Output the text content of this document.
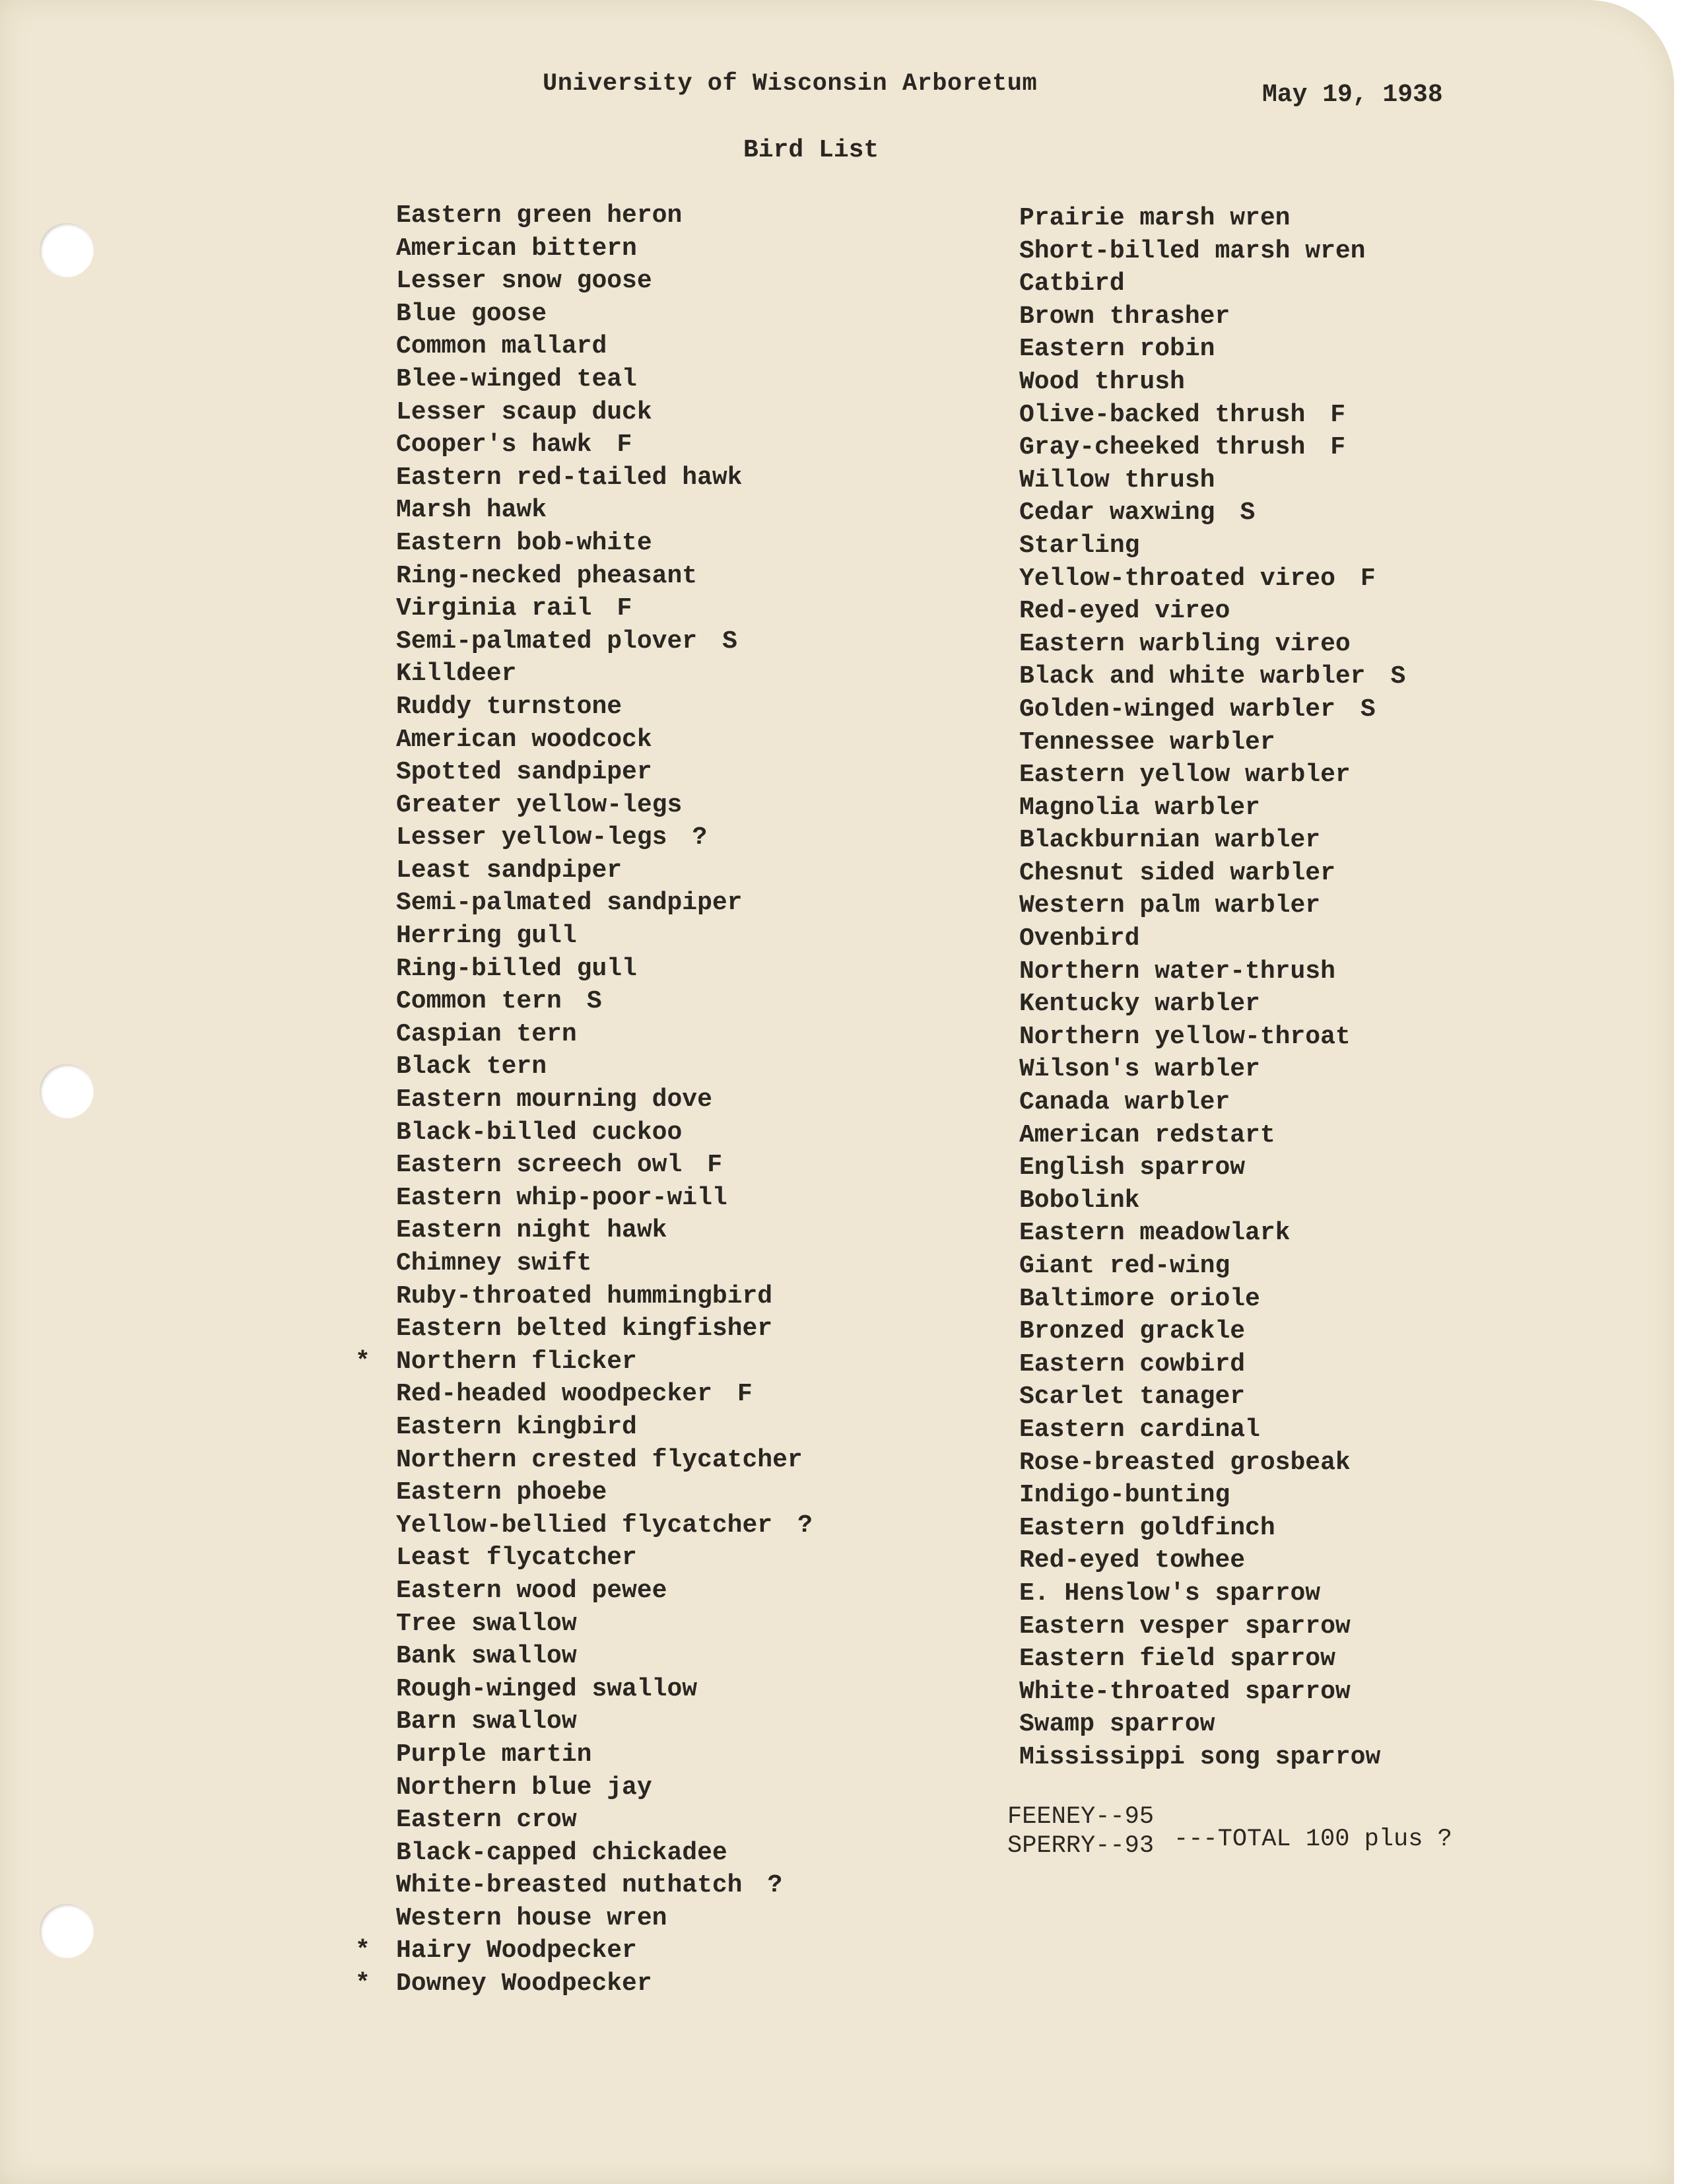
University of Wisconsin Arboretum	May 19, 1938
Bird List
Eastern green heron
American bittern
Lesser snow goose
Blue goose
Common mallard
Blee-winged teal
Lesser scaup duck
Cooper's hawk F
Eastern red-tailed hawk
Marsh hawk
Eastern bob-white
Ring-necked pheasant
Virginia rail F
Semi-palmated plover S
Killdeer
Ruddy turnstone
American woodcock
Spotted sandpiper
Greater yellow-legs
Lesser yellow-legs ?
Least sandpiper
Semi-palmated sandpiper
Herring gull
Ring-billed gull
Common tern S
Caspian tern
Black tern
Eastern mourning dove
Black-billed cuckoo
Eastern screech owl F
Eastern whip-poor-will
Eastern night hawk
Chimney swift
Ruby-throated hummingbird
Eastern belted kingfisher
* Northern flicker
Red-headed woodpecker F
Eastern kingbird
Northern crested flycatcher
Eastern phoebe
Yellow-bellied flycatcher ?
Least flycatcher
Eastern wood pewee
Tree swallow
Bank swallow
Rough-winged swallow
Barn swallow
Purple martin
Northern blue jay
Eastern crow
Black-capped chickadee
White-breasted nuthatch ?
Western house wren
* Hairy Woodpecker
* Downey Woodpecker
Prairie marsh wren
Short-billed marsh wren
Catbird
Brown thrasher
Eastern robin
Wood thrush
Olive-backed thrush F
Gray-cheeked thrush F
Willow thrush
Cedar waxwing S
Starling
Yellow-throated vireo F
Red-eyed vireo
Eastern warbling vireo
Black and white warbler S
Golden-winged warbler S
Tennessee warbler
Eastern yellow warbler
Magnolia warbler
Blackburnian warbler
Chesnut sided warbler
Western palm warbler
Ovenbird
Northern water-thrush
Kentucky warbler
Northern yellow-throat
Wilson's warbler
Canada warbler
American redstart
English sparrow
Bobolink
Eastern meadowlark
Giant red-wing
Baltimore oriole
Bronzed grackle
Eastern cowbird
Scarlet tanager
Eastern cardinal
Rose-breasted grosbeak
Indigo-bunting
Eastern goldfinch
Red-eyed towhee
E. Henslow's sparrow
Eastern vesper sparrow
Eastern field sparrow
White-throated sparrow
Swamp sparrow
Mississippi song sparrow
FEENEY--95
SPERRY--93 ---TOTAL 100 plus ?
